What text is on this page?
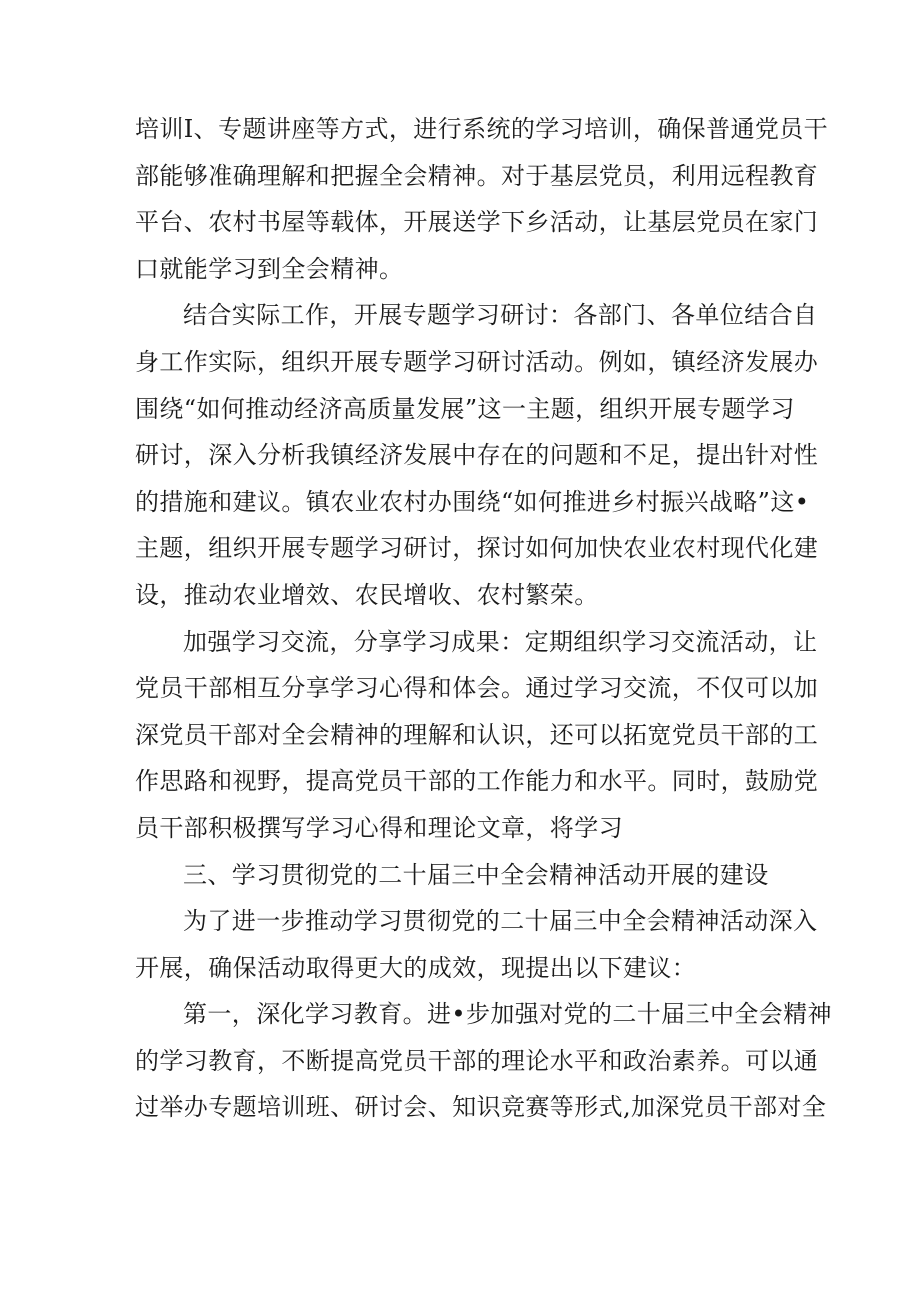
培训I、专题讲座等方式，进行系统的学习培训，确保普通党员干
部能够准确理解和把握全会精神。对于基层党员，利用远程教育
平台、农村书屋等载体，开展送学下乡活动，让基层党员在家门
口就能学习到全会精神。
结合实际工作，开展专题学习研讨：各部门、各单位结合自
身工作实际，组织开展专题学习研讨活动。例如，镇经济发展办
围绕“如何推动经济高质量发展”这一主题，组织开展专题学习
研讨，深入分析我镇经济发展中存在的问题和不足，提出针对性
的措施和建议。镇农业农村办围绕“如何推进乡村振兴战略”这•
主题，组织开展专题学习研讨，探讨如何加快农业农村现代化建
设，推动农业增效、农民增收、农村繁荣。
加强学习交流，分享学习成果：定期组织学习交流活动，让
党员干部相互分享学习心得和体会。通过学习交流，不仅可以加
深党员干部对全会精神的理解和认识，还可以拓宽党员干部的工
作思路和视野，提高党员干部的工作能力和水平。同时，鼓励党
员干部积极撰写学习心得和理论文章，将学习
三、学习贯彻党的二十届三中全会精神活动开展的建设
为了进一步推动学习贯彻党的二十届三中全会精神活动深入
开展，确保活动取得更大的成效，现提出以下建议：
第一，深化学习教育。进•步加强对党的二十届三中全会精神
的学习教育，不断提高党员干部的理论水平和政治素养。可以通
过举办专题培训班、研讨会、知识竞赛等形式,加深党员干部对全
